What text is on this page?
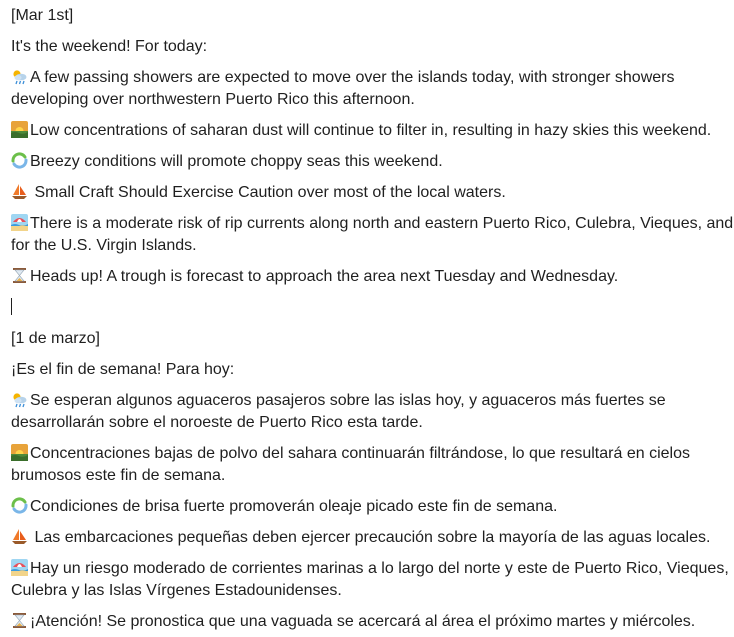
[Mar 1st]

It's the weekend! For today:

A few passing showers are expected to move over the islands today, with stronger showers developing over northwestern Puerto Rico this afternoon.

Low concentrations of saharan dust will continue to filter in, resulting in hazy skies this weekend.

Breezy conditions will promote choppy seas this weekend.

Small Craft Should Exercise Caution over most of the local waters.

There is a moderate risk of rip currents along north and eastern Puerto Rico, Culebra, Vieques, and for the U.S. Virgin Islands.

Heads up! A trough is forecast to approach the area next Tuesday and Wednesday.

[1 de marzo]

¡Es el fin de semana! Para hoy:

Se esperan algunos aguaceros pasajeros sobre las islas hoy, y aguaceros más fuertes se desarrollarán sobre el noroeste de Puerto Rico esta tarde.

Concentraciones bajas de polvo del sahara continuarán filtrándose, lo que resultará en cielos brumosos este fin de semana.

Condiciones de brisa fuerte promoverán oleaje picado este fin de semana.

Las embarcaciones pequeñas deben ejercer precaución sobre la mayoría de las aguas locales.

Hay un riesgo moderado de corrientes marinas a lo largo del norte y este de Puerto Rico, Vieques, Culebra y las Islas Vírgenes Estadounidenses.

¡Atención! Se pronostica que una vaguada se acercará al área el próximo martes y miércoles.
